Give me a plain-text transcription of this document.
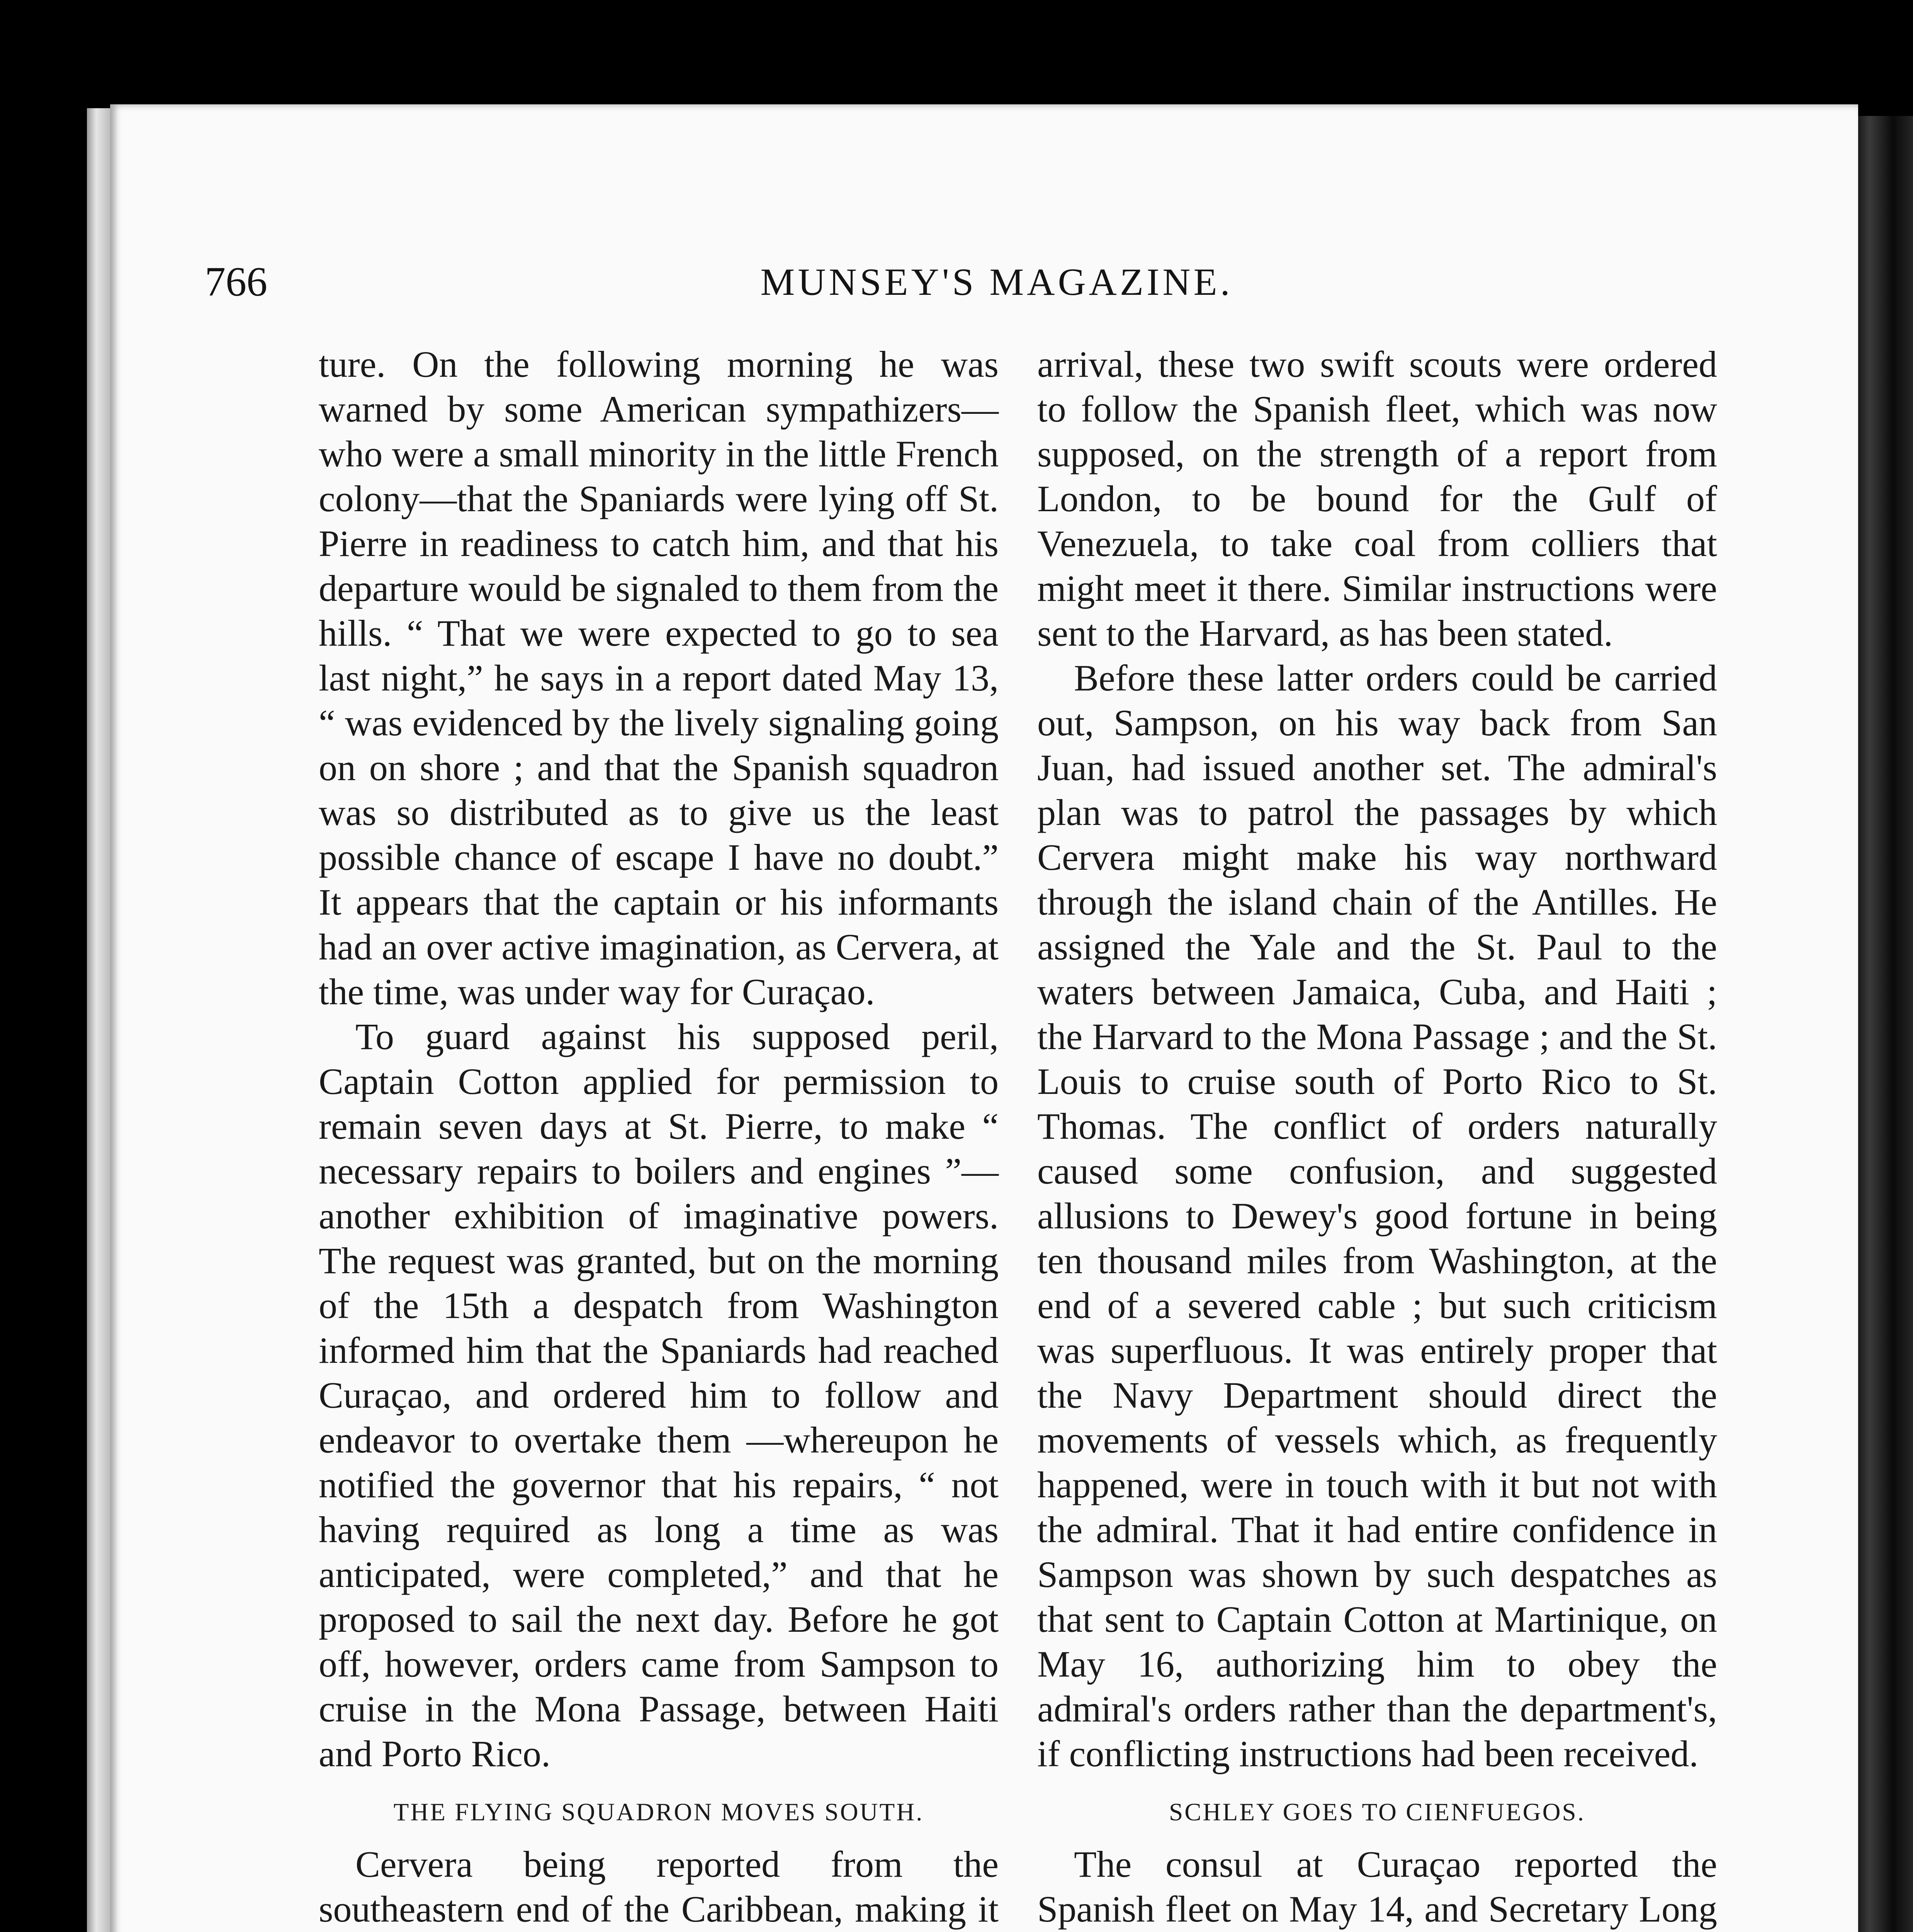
766	MUNSEY'S MAGAZINE.

ture. On the following morning he was warned by some American sympathizers—who were a small minority in the little French colony—that the Spaniards were lying off St. Pierre in readiness to catch him, and that his departure would be signaled to them from the hills. “ That we were expected to go to sea last night,” he says in a report dated May 13, “ was evidenced by the lively signaling going on on shore ; and that the Spanish squadron was so distributed as to give us the least possible chance of escape I have no doubt.” It appears that the captain or his informants had an over active imagination, as Cervera, at the time, was under way for Curaçao.

To guard against his supposed peril, Captain Cotton applied for permission to remain seven days at St. Pierre, to make “ necessary repairs to boilers and engines ”—another exhibition of imaginative powers. The request was granted, but on the morning of the 15th a despatch from Washington informed him that the Spaniards had reached Curaçao, and ordered him to follow and endeavor to overtake them —whereupon he notified the governor that his repairs, “ not having required as long a time as was anticipated, were completed,” and that he proposed to sail the next day. Before he got off, however, orders came from Sampson to cruise in the Mona Passage, between Haiti and Porto Rico.

THE FLYING SQUADRON MOVES SOUTH.

Cervera being reported from the southeastern end of the Caribbean, making it

arrival, these two swift scouts were ordered to follow the Spanish fleet, which was now supposed, on the strength of a report from London, to be bound for the Gulf of Venezuela, to take coal from colliers that might meet it there. Similar instructions were sent to the Harvard, as has been stated.

Before these latter orders could be carried out, Sampson, on his way back from San Juan, had issued another set. The admiral's plan was to patrol the passages by which Cervera might make his way northward through the island chain of the Antilles. He assigned the Yale and the St. Paul to the waters between Jamaica, Cuba, and Haiti ; the Harvard to the Mona Passage ; and the St. Louis to cruise south of Porto Rico to St. Thomas. The conflict of orders naturally caused some confusion, and suggested allusions to Dewey's good fortune in being ten thousand miles from Washington, at the end of a severed cable ; but such criticism was superfluous. It was entirely proper that the Navy Department should direct the movements of vessels which, as frequently happened, were in touch with it but not with the admiral. That it had entire confidence in Sampson was shown by such despatches as that sent to Captain Cotton at Martinique, on May 16, authorizing him to obey the admiral's orders rather than the department's, if conflicting instructions had been received.

SCHLEY GOES TO CIENFUEGOS.

The consul at Curaçao reported the Spanish fleet on May 14, and Secretary Long
